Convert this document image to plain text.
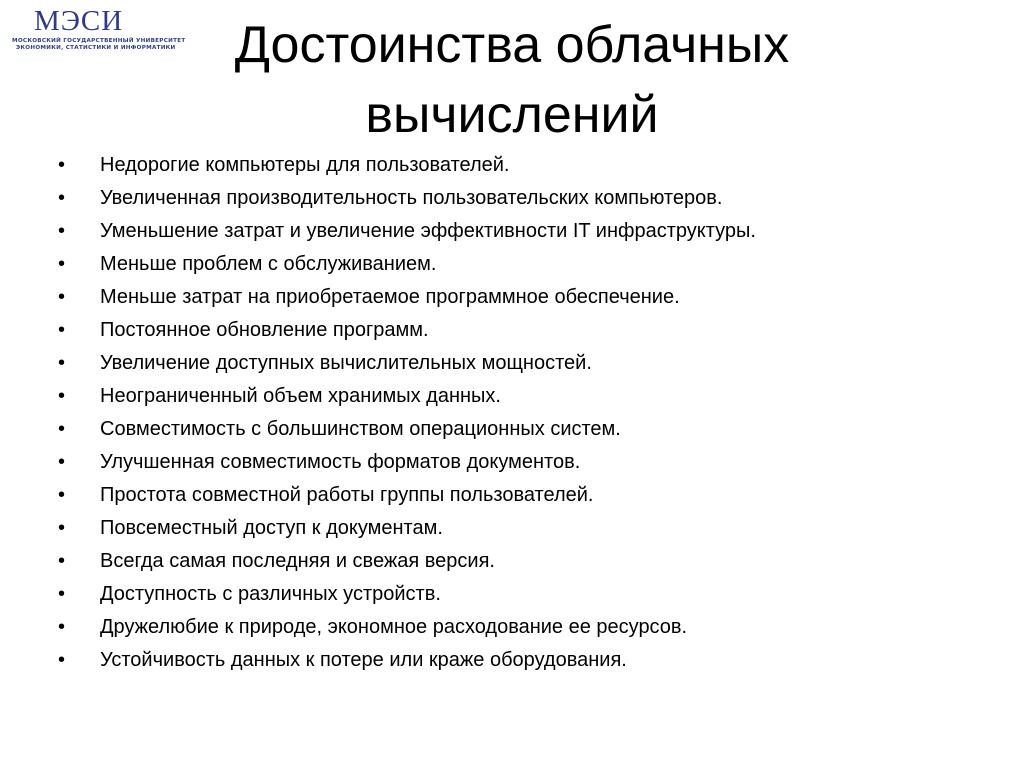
МЭСИ
МОСКОВСКИЙ ГОСУДАРСТВЕННЫЙ УНИВЕРСИТЕТ
ЭКОНОМИКИ, СТАТИСТИКИ И ИНФОРМАТИКИ	Достоинства облачных
вычислений
• Недорогие компьютеры для пользователей.
• Увеличенная производительность пользовательских компьютеров.
• Уменьшение затрат и увеличение эффективности IT инфраструктуры.
• Меньше проблем с обслуживанием.
• Меньше затрат на приобретаемое программное обеспечение.
• Постоянное обновление программ.
• Увеличение доступных вычислительных мощностей.
• Неограниченный объем хранимых данных.
• Совместимость с большинством операционных систем.
• Улучшенная совместимость форматов документов.
• Простота совместной работы группы пользователей.
• Повсеместный доступ к документам.
• Всегда самая последняя и свежая версия.
• Доступность с различных устройств.
• Дружелюбие к природе, экономное расходование ее ресурсов.
• Устойчивость данных к потере или краже оборудования.
